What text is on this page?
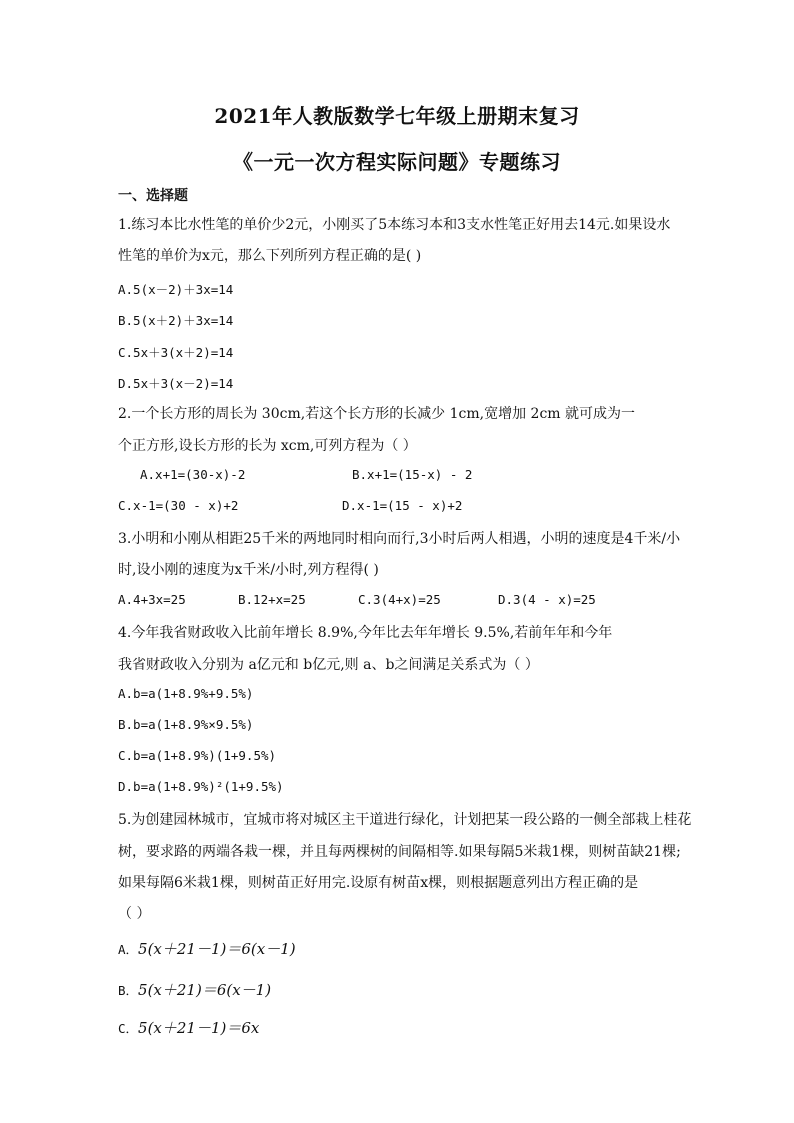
2021年人教版数学七年级上册期末复习
《一元一次方程实际问题》专题练习
一、选择题
1.练习本比水性笔的单价少2元，小刚买了5本练习本和3支水性笔正好用去14元.如果设水
性笔的单价为x元，那么下列所列方程正确的是( )
A.5(x－2)＋3x=14
B.5(x＋2)＋3x=14
C.5x＋3(x＋2)=14
D.5x＋3(x－2)=14
2.一个长方形的周长为 30cm,若这个长方形的长减少 1cm,宽增加 2cm 就可成为一
个正方形,设长方形的长为 xcm,可列方程为（ ）
A.x+1=(30-x)-2	B.x+1=(15-x) - 2
C.x-1=(30 - x)+2	D.x-1=(15 - x)+2
3.小明和小刚从相距25千米的两地同时相向而行,3小时后两人相遇，小明的速度是4千米/小
时,设小刚的速度为x千米/小时,列方程得( )
A.4+3x=25	B.12+x=25	C.3(4+x)=25	D.3(4 - x)=25
4.今年我省财政收入比前年增长 8.9%,今年比去年年增长 9.5%,若前年年和今年
我省财政收入分别为 a亿元和 b亿元,则 a、b之间满足关系式为（ ）
A.b=a(1+8.9%+9.5%)
B.b=a(1+8.9%×9.5%)
C.b=a(1+8.9%)(1+9.5%)
D.b=a(1+8.9%)²(1+9.5%)
5.为创建园林城市，宜城市将对城区主干道进行绿化，计划把某一段公路的一侧全部栽上桂花
树，要求路的两端各栽一棵，并且每两棵树的间隔相等.如果每隔5米栽1棵，则树苗缺21棵;
如果每隔6米栽1棵，则树苗正好用完.设原有树苗x棵，则根据题意列出方程正确的是
（ ）
A．5(x＋21－1)＝6(x－1)
B．5(x＋21)＝6(x－1)
C．5(x＋21－1)＝6x
